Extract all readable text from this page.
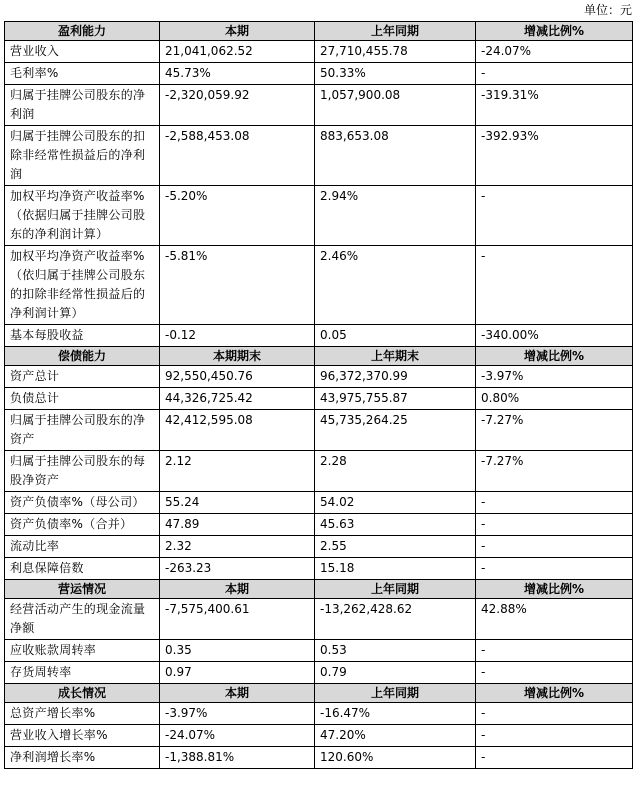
单位：元
盈利能力	本期	上年同期	增减比例%
营业收入	21,041,062.52	27,710,455.78	-24.07%
毛利率%	45.73%	50.33%	-
归属于挂牌公司股东的净利润	-2,320,059.92	1,057,900.08	-319.31%
归属于挂牌公司股东的扣除非经常性损益后的净利润	-2,588,453.08	883,653.08	-392.93%
加权平均净资产收益率%（依据归属于挂牌公司股东的净利润计算）	-5.20%	2.94%	-
加权平均净资产收益率%（依归属于挂牌公司股东的扣除非经常性损益后的净利润计算）	-5.81%	2.46%	-
基本每股收益	-0.12	0.05	-340.00%
偿债能力	本期期末	上年期末	增减比例%
资产总计	92,550,450.76	96,372,370.99	-3.97%
负债总计	44,326,725.42	43,975,755.87	0.80%
归属于挂牌公司股东的净资产	42,412,595.08	45,735,264.25	-7.27%
归属于挂牌公司股东的每股净资产	2.12	2.28	-7.27%
资产负债率%（母公司）	55.24	54.02	-
资产负债率%（合并）	47.89	45.63	-
流动比率	2.32	2.55	-
利息保障倍数	-263.23	15.18	-
营运情况	本期	上年同期	增减比例%
经营活动产生的现金流量净额	-7,575,400.61	-13,262,428.62	42.88%
应收账款周转率	0.35	0.53	-
存货周转率	0.97	0.79	-
成长情况	本期	上年同期	增减比例%
总资产增长率%	-3.97%	-16.47%	-
营业收入增长率%	-24.07%	47.20%	-
净利润增长率%	-1,388.81%	120.60%	-
